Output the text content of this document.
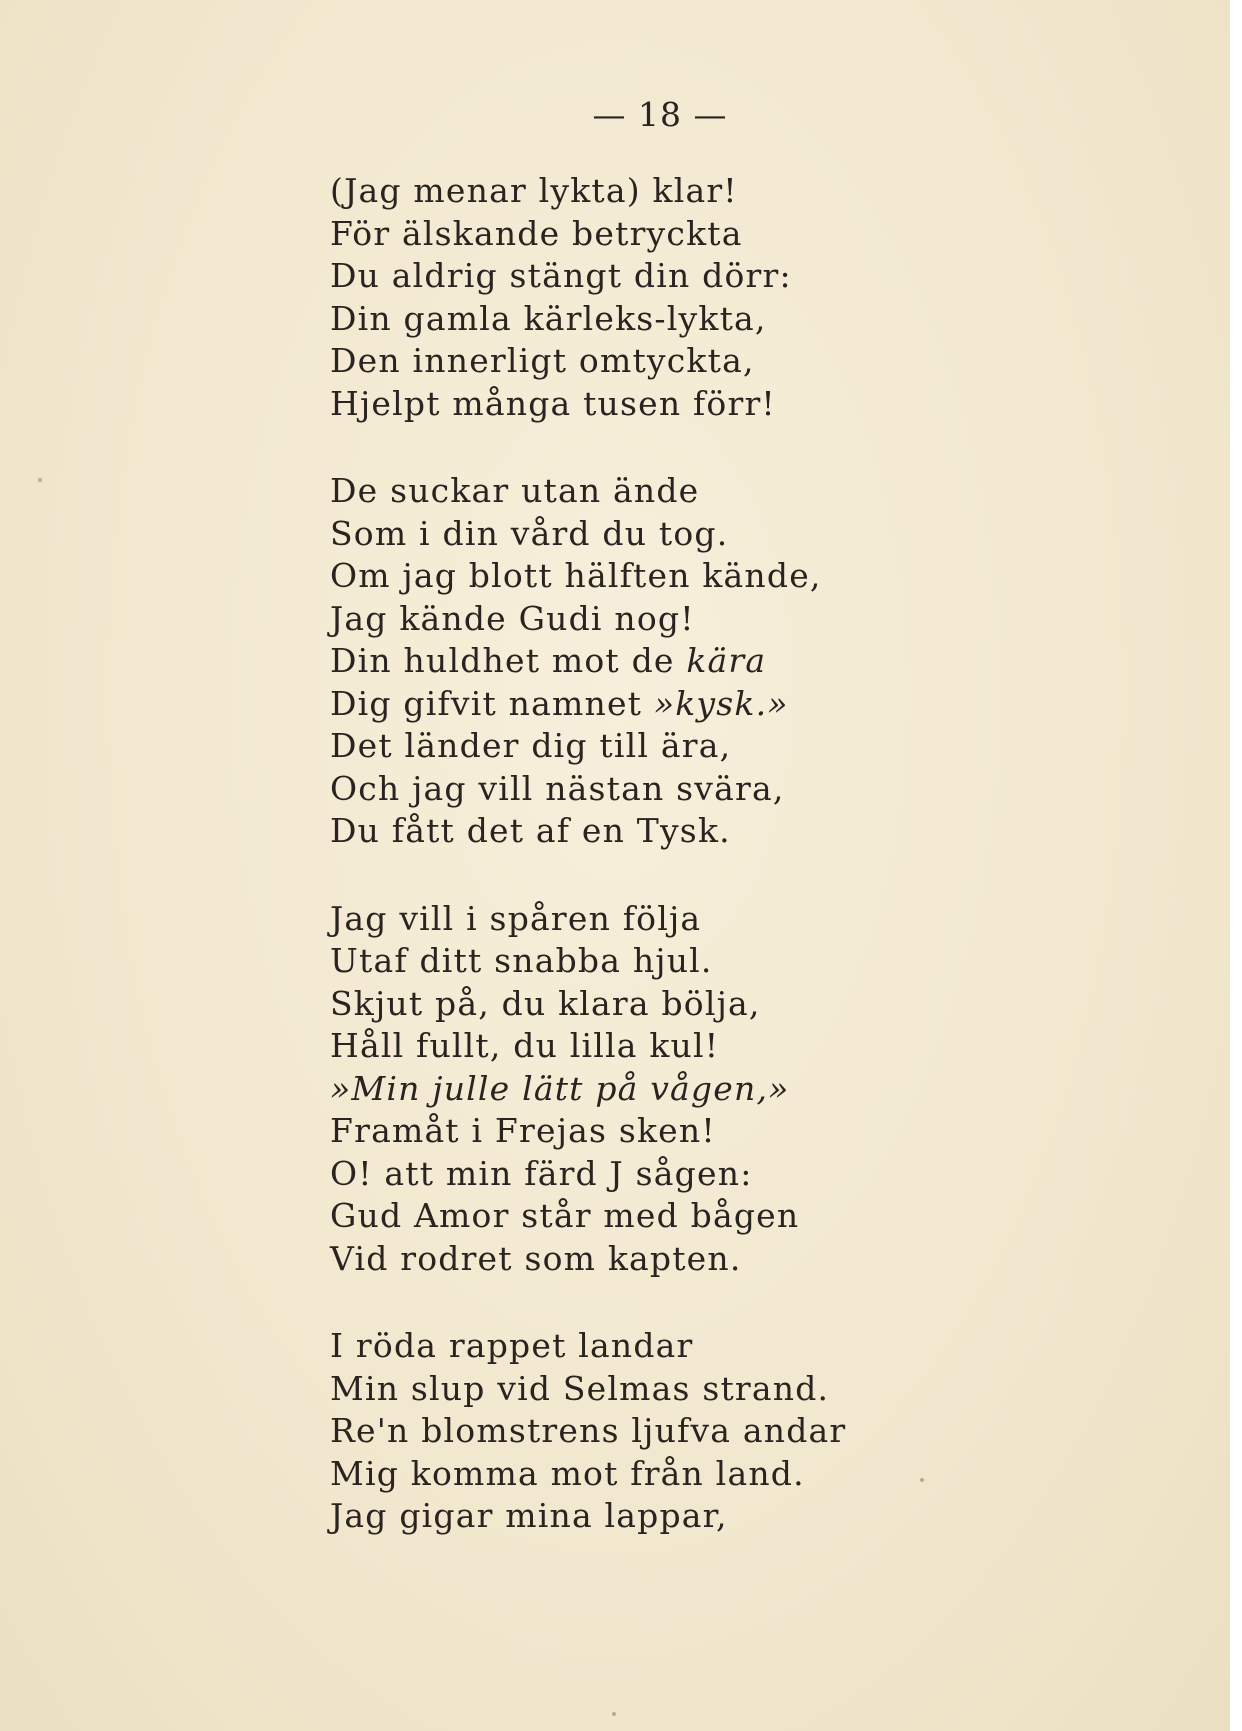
— 18 —
(Jag menar lykta) klar!
För älskande betryckta
Du aldrig stängt din dörr:
Din gamla kärleks-lykta,
Den innerligt omtyckta,
Hjelpt många tusen förr!
De suckar utan ände
Som i din vård du tog.
Om jag blott hälften kände,
Jag kände Gudi nog!
Din huldhet mot de kära
Dig gifvit namnet »kysk.»
Det länder dig till ära,
Och jag vill nästan svära,
Du fått det af en Tysk.
Jag vill i spåren följa
Utaf ditt snabba hjul.
Skjut på, du klara bölja,
Håll fullt, du lilla kul!
»Min julle lätt på vågen,»
Framåt i Frejas sken!
O! att min färd J sågen:
Gud Amor står med bågen
Vid rodret som kapten.
I röda rappet landar
Min slup vid Selmas strand.
Re'n blomstrens ljufva andar
Mig komma mot från land.
Jag gigar mina lappar,
